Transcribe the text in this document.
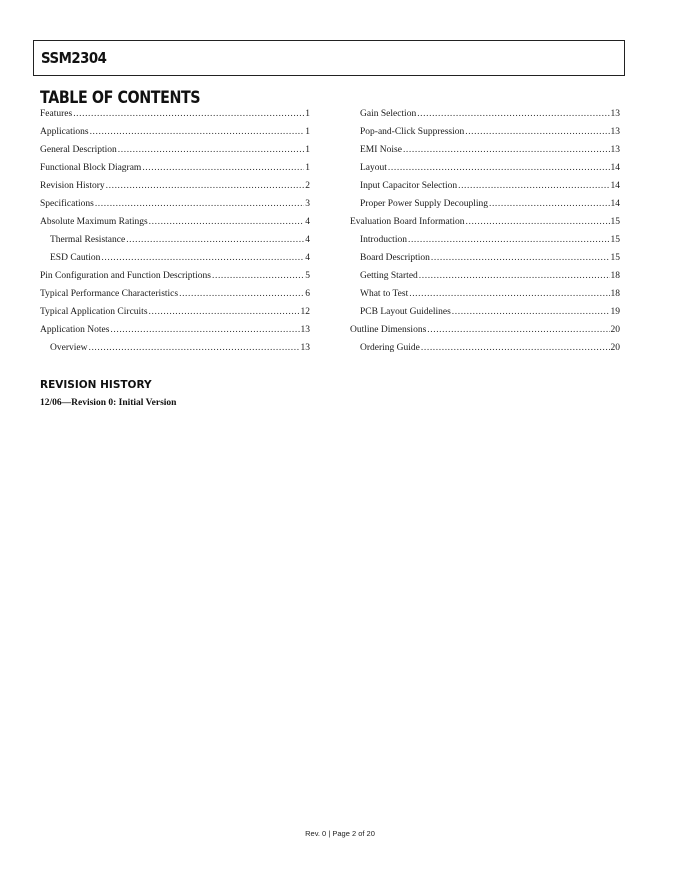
SSM2304
TABLE OF CONTENTS
Features .....	1
Applications .....	1
General Description .....	1
Functional Block Diagram .....	1
Revision History .....	2
Specifications .....	3
Absolute Maximum Ratings .....	4
Thermal Resistance .....	4
ESD Caution .....	4
Pin Configuration and Function Descriptions .....	5
Typical Performance Characteristics .....	6
Typical Application Circuits .....	12
Application Notes .....	13
Overview .....	13
Gain Selection .....	13
Pop-and-Click Suppression .....	13
EMI Noise .....	13
Layout .....	14
Input Capacitor Selection .....	14
Proper Power Supply Decoupling .....	14
Evaluation Board Information .....	15
Introduction .....	15
Board Description .....	15
Getting Started .....	18
What to Test .....	18
PCB Layout Guidelines .....	19
Outline Dimensions .....	20
Ordering Guide .....	20
REVISION HISTORY
12/06—Revision 0: Initial Version
Rev. 0 | Page 2 of 20
